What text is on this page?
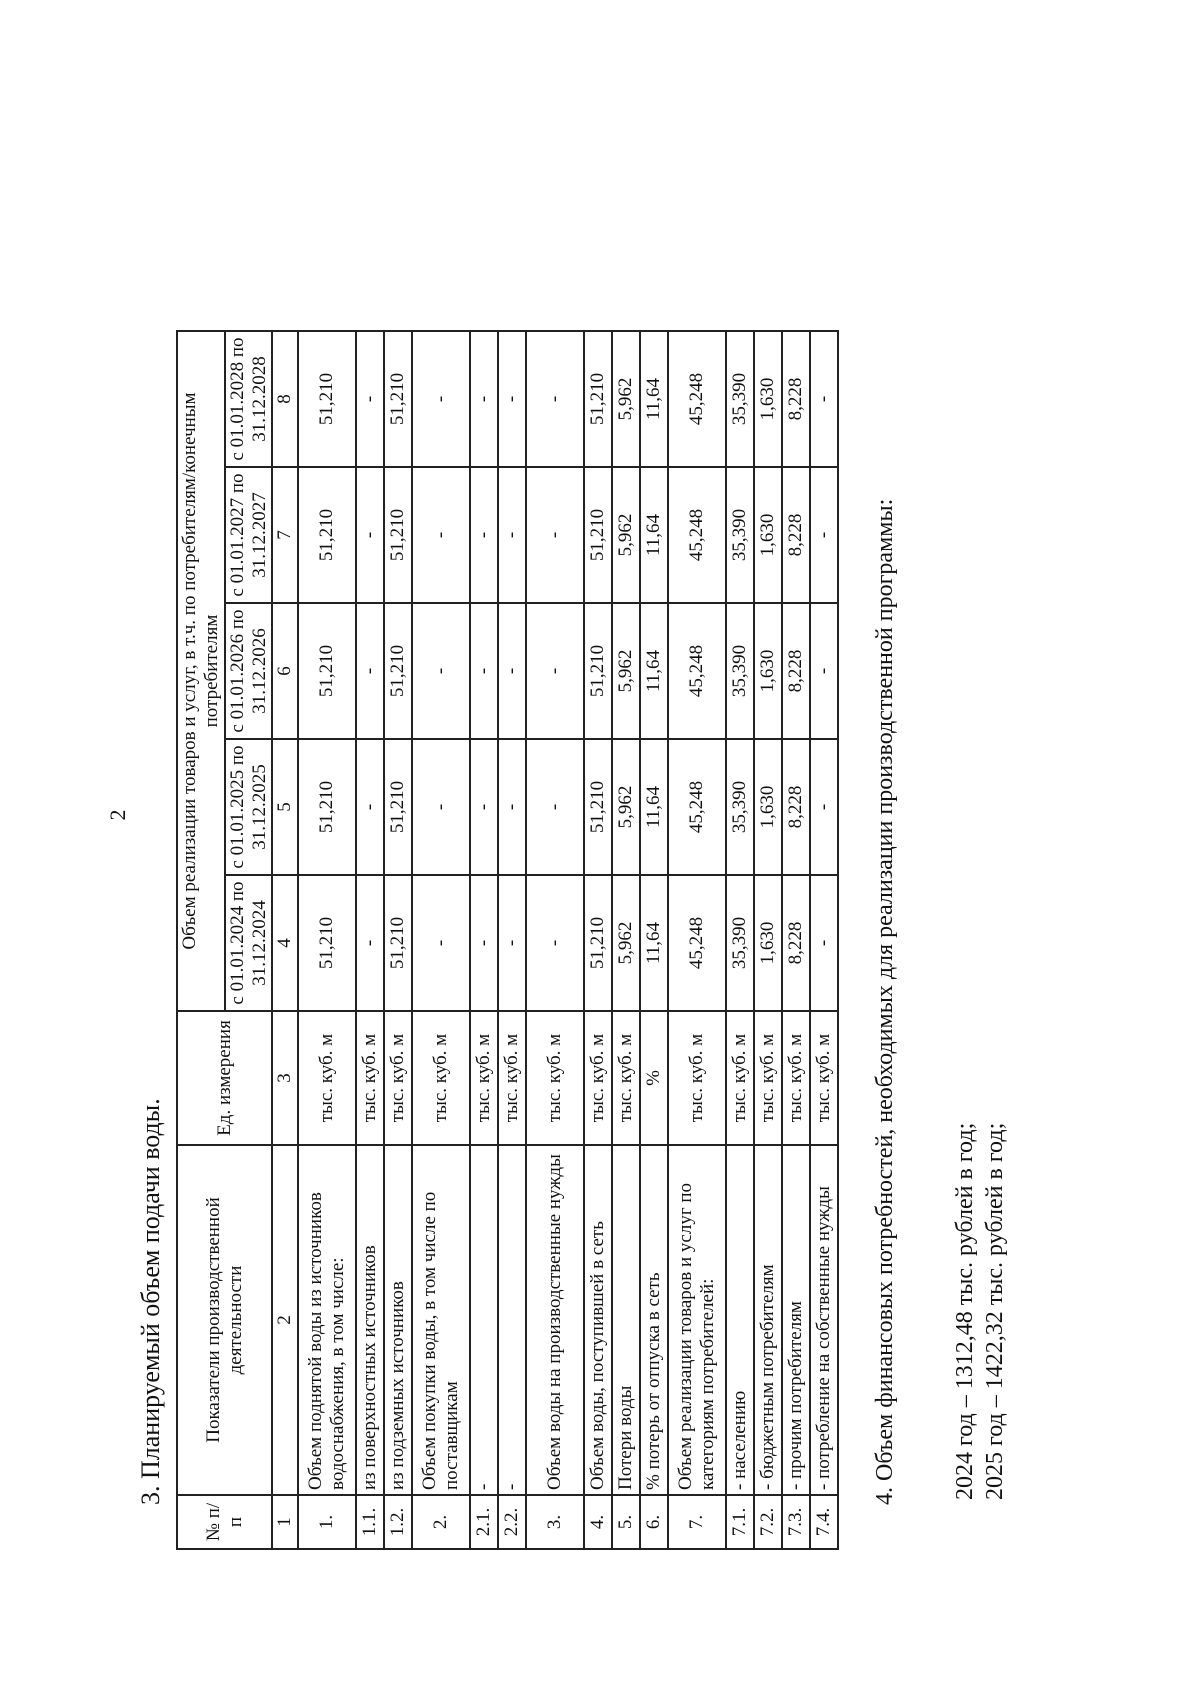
2
3. Планируемый объем подачи воды.
№ п/п	Показатели производственной деятельности	Ед. измерения	Объем реализации товаров и услуг, в т.ч. по потребителям/конечным потребителям				
			с 01.01.2024 по 31.12.2024	с 01.01.2025 по 31.12.2025	с 01.01.2026 по 31.12.2026	с 01.01.2027 по 31.12.2027	с 01.01.2028 по 31.12.2028
1	2	3	4	5	6	7	8
1.	Объем поднятой воды из источников водоснабжения, в том числе:	тыс. куб. м	51,210	51,210	51,210	51,210	51,210
1.1.	из поверхностных источников	тыс. куб. м	-	-	-	-	-
1.2.	из подземных источников	тыс. куб. м	51,210	51,210	51,210	51,210	51,210
2.	Объем покупки воды, в том числе по поставщикам	тыс. куб. м	-	-	-	-	-
2.1.	-	тыс. куб. м	-	-	-	-	-
2.2.	-	тыс. куб. м	-	-	-	-	-
3.	Объем воды на производственные нужды	тыс. куб. м	-	-	-	-	-
4.	Объем воды, поступившей в сеть	тыс. куб. м	51,210	51,210	51,210	51,210	51,210
5.	Потери воды	тыс. куб. м	5,962	5,962	5,962	5,962	5,962
6.	% потерь от отпуска в сеть	%	11,64	11,64	11,64	11,64	11,64
7.	Объем реализации товаров и услуг по категориям потребителей:	тыс. куб. м	45,248	45,248	45,248	45,248	45,248
7.1.	- населению	тыс. куб. м	35,390	35,390	35,390	35,390	35,390
7.2.	- бюджетным потребителям	тыс. куб. м	1,630	1,630	1,630	1,630	1,630
7.3.	- прочим потребителям	тыс. куб. м	8,228	8,228	8,228	8,228	8,228
7.4.	- потребление на собственные нужды	тыс. куб. м	-	-	-	-	-
4. Объем финансовых потребностей, необходимых для реализации производственной программы: 2024 год – 1312,48 тыс. рублей в год; 2025 год – 1422,32 тыс. рублей в год;
